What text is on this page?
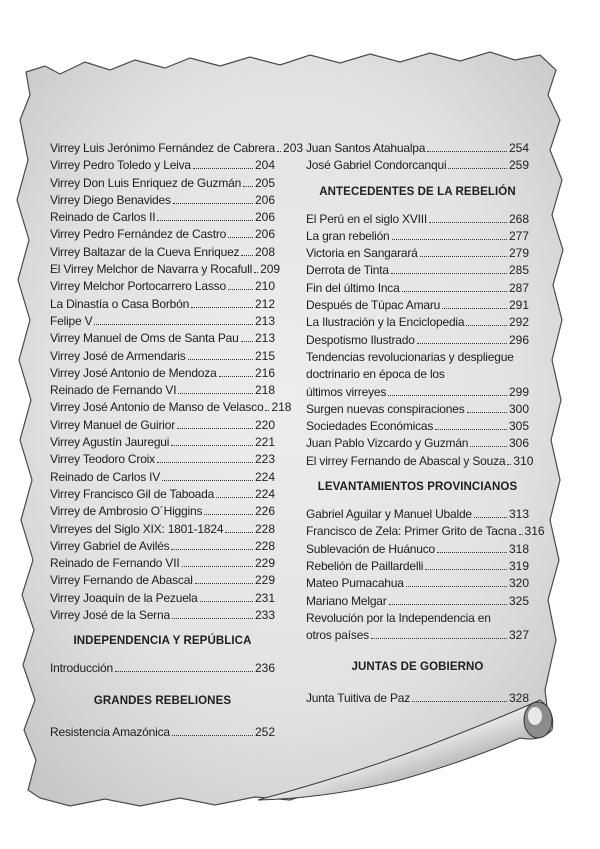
Virrey Luis Jerónimo Fernández de Cabrera 203
Virrey Pedro Toledo y Leiva	204
Virrey Don Luis Enriquez de Guzmán 205
Virrey Diego Benavides	206
Reinado de Carlos II	206
Virrey Pedro Fernández de Castro 206
Virrey Baltazar de la Cueva Enriquez 208
El Virrey Melchor de Navarra y Rocafull 209
Virrey Melchor Portocarrero Lasso 210
La Dinastía o Casa Borbón	212
Felipe V	213
Virrey Manuel de Oms de Santa Pau 213
Virrey José de Armendaris	215
Virrey José Antonio de Mendoza	216
Reinado de Fernando VI	218
Virrey José Antonio de Manso de Velasco 218
Virrey Manuel de Guirior	220
Virrey Agustín Jauregui	221
Virrey Teodoro Croix	223
Reinado de Carlos IV	224
Virrey Francisco Gil de Taboada	224
Virrey de Ambrosio O´Higgins	226
Virreyes del Siglo XIX: 1801-1824	228
Virrey Gabriel de Avilés	228
Reinado de Fernando VII	229
Virrey Fernando de Abascal	229
Virrey Joaquín de la Pezuela	231
Virrey José de la Serna	233
INDEPENDENCIA Y REPÚBLICA
Introducción	236
GRANDES REBELIONES
Resistencia Amazónica	252
Juan Santos Atahualpa	254
José Gabriel Condorcanqui	259
ANTECEDENTES DE LA REBELIÓN
El Perú en el siglo XVIII	268
La gran rebelión	277
Victoria en Sangarará	279
Derrota de Tinta	285
Fin del último Inca	287
Después de Túpac Amaru	291
La Ilustración y la Enciclopedia	292
Despotismo Ilustrado	296
Tendencias revolucionarias y despliegue
doctrinario en época de los
últimos virreyes	299
Surgen nuevas conspiraciones	300
Sociedades Económicas	305
Juan Pablo Vizcardo y Guzmán	306
El virrey Fernando de Abascal y Souza 310
LEVANTAMIENTOS PROVINCIANOS
Gabriel Aguilar y Manuel Ubalde	313
Francisco de Zela: Primer Grito de Tacna 316
Sublevación de Huánuco	318
Rebelión de Paillardelli	319
Mateo Pumacahua	320
Mariano Melgar	325
Revolución por la Independencia en
otros países	327
JUNTAS DE GOBIERNO
Junta Tuitiva de Paz	328
